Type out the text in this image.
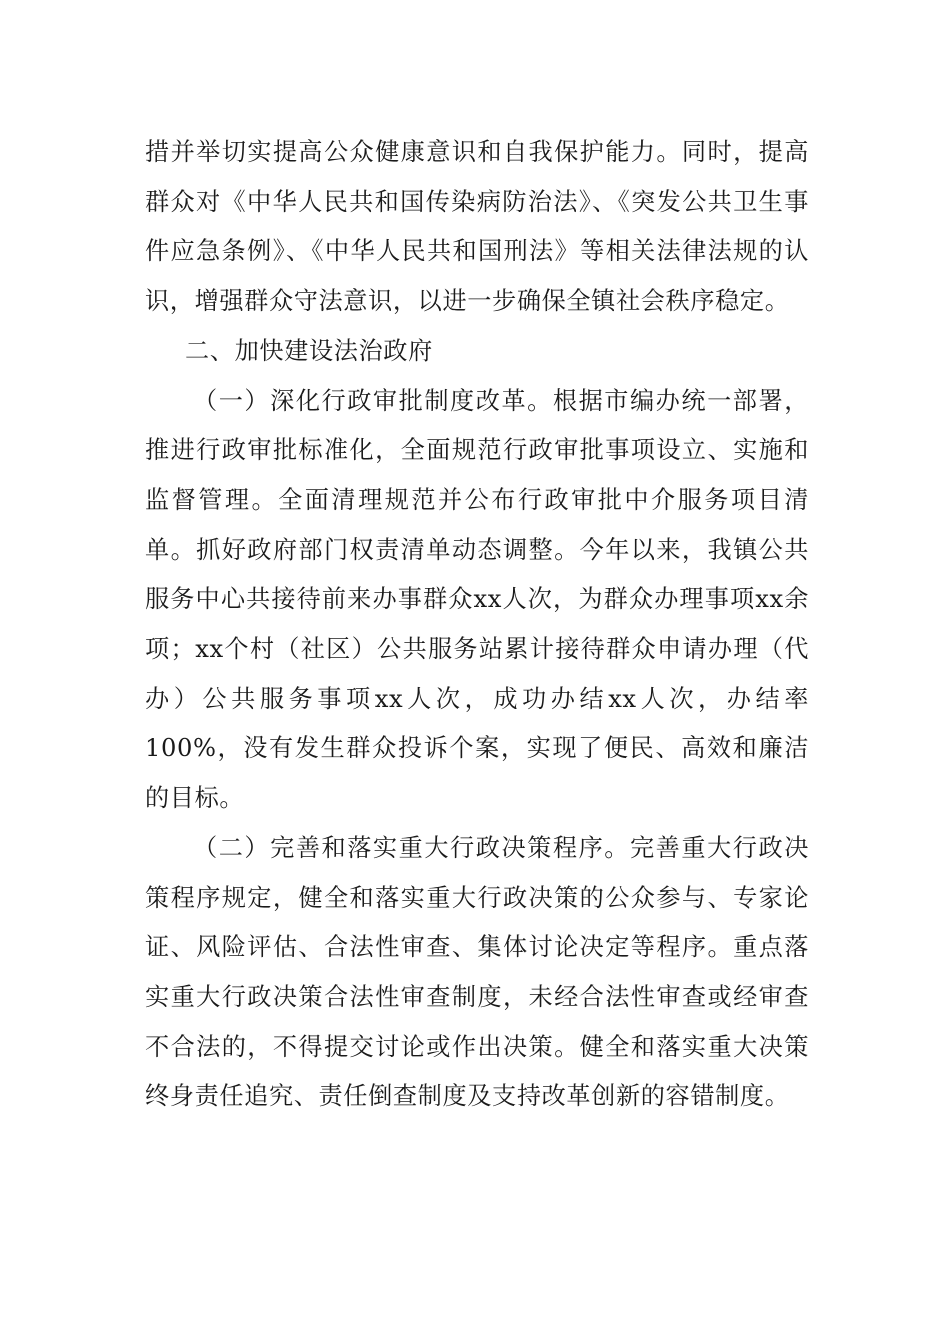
措并举切实提高公众健康意识和自我保护能力。同时，提高群众对《中华人民共和国传染病防治法》、《突发公共卫生事件应急条例》、《中华人民共和国刑法》等相关法律法规的认识，增强群众守法意识，以进一步确保全镇社会秩序稳定。

二、加快建设法治政府

（一）深化行政审批制度改革。根据市编办统一部署，推进行政审批标准化，全面规范行政审批事项设立、实施和监督管理。全面清理规范并公布行政审批中介服务项目清单。抓好政府部门权责清单动态调整。今年以来，我镇公共服务中心共接待前来办事群众xx人次，为群众办理事项xx余项；xx个村（社区）公共服务站累计接待群众申请办理（代办）公共服务事项xx人次，成功办结xx人次，办结率100%，没有发生群众投诉个案，实现了便民、高效和廉洁的目标。

（二）完善和落实重大行政决策程序。完善重大行政决策程序规定，健全和落实重大行政决策的公众参与、专家论证、风险评估、合法性审查、集体讨论决定等程序。重点落实重大行政决策合法性审查制度，未经合法性审查或经审查不合法的，不得提交讨论或作出决策。健全和落实重大决策终身责任追究、责任倒查制度及支持改革创新的容错制度。
